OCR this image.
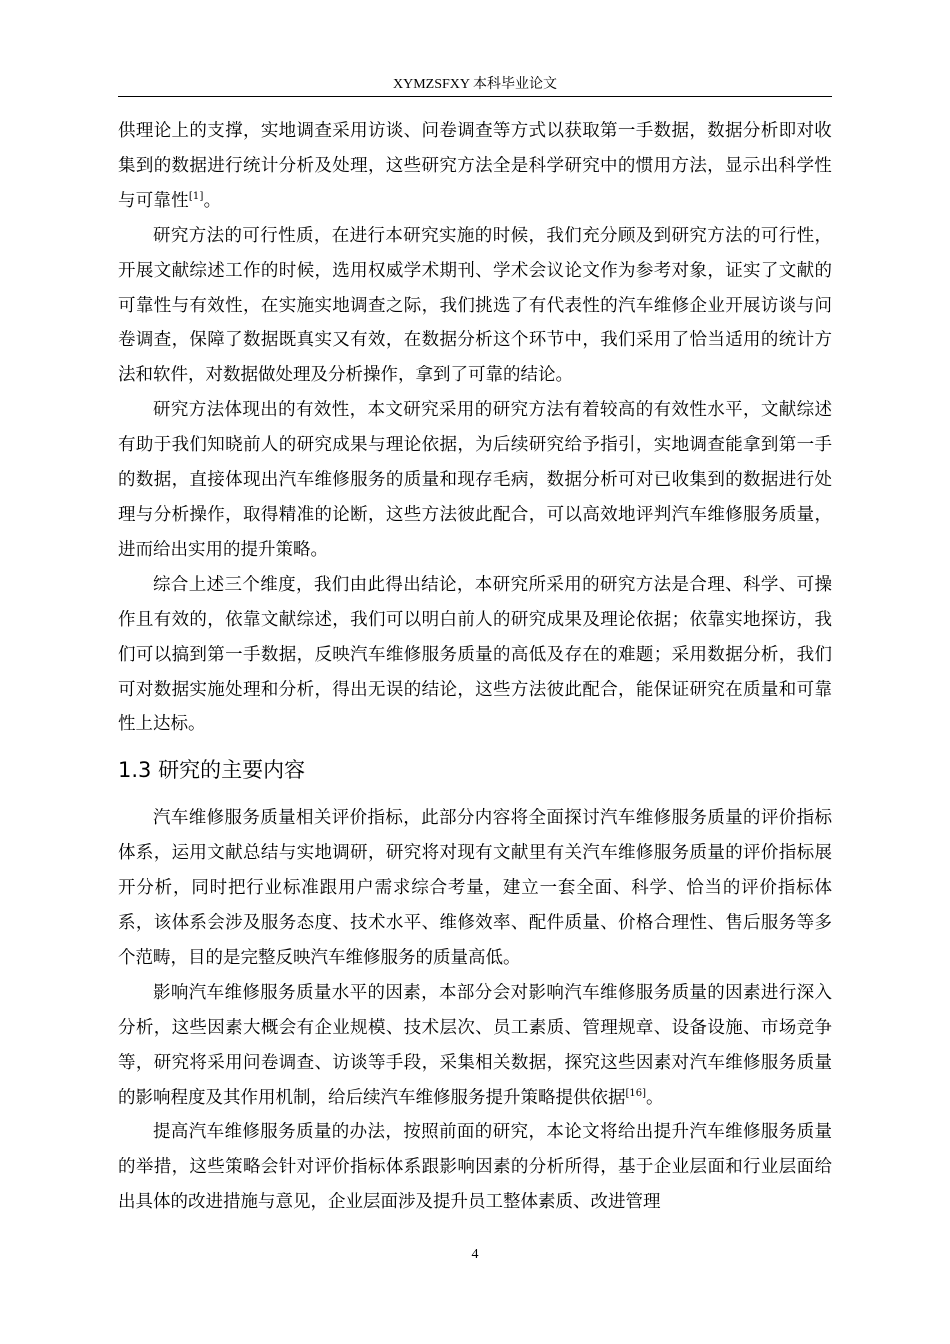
XYMZSFXY 本科毕业论文

供理论上的支撑，实地调查采用访谈、问卷调查等方式以获取第一手数据，数据分析即对收集到的数据进行统计分析及处理，这些研究方法全是科学研究中的惯用方法，显示出科学性与可靠性[1]。

研究方法的可行性质，在进行本研究实施的时候，我们充分顾及到研究方法的可行性，开展文献综述工作的时候，选用权威学术期刊、学术会议论文作为参考对象，证实了文献的可靠性与有效性，在实施实地调查之际，我们挑选了有代表性的汽车维修企业开展访谈与问卷调查，保障了数据既真实又有效，在数据分析这个环节中，我们采用了恰当适用的统计方法和软件，对数据做处理及分析操作，拿到了可靠的结论。

研究方法体现出的有效性，本文研究采用的研究方法有着较高的有效性水平，文献综述有助于我们知晓前人的研究成果与理论依据，为后续研究给予指引，实地调查能拿到第一手的数据，直接体现出汽车维修服务的质量和现存毛病，数据分析可对已收集到的数据进行处理与分析操作，取得精准的论断，这些方法彼此配合，可以高效地评判汽车维修服务质量，进而给出实用的提升策略。

综合上述三个维度，我们由此得出结论，本研究所采用的研究方法是合理、科学、可操作且有效的，依靠文献综述，我们可以明白前人的研究成果及理论依据；依靠实地探访，我们可以搞到第一手数据，反映汽车维修服务质量的高低及存在的难题；采用数据分析，我们可对数据实施处理和分析，得出无误的结论，这些方法彼此配合，能保证研究在质量和可靠性上达标。

1.3 研究的主要内容

汽车维修服务质量相关评价指标，此部分内容将全面探讨汽车维修服务质量的评价指标体系，运用文献总结与实地调研，研究将对现有文献里有关汽车维修服务质量的评价指标展开分析，同时把行业标准跟用户需求综合考量，建立一套全面、科学、恰当的评价指标体系，该体系会涉及服务态度、技术水平、维修效率、配件质量、价格合理性、售后服务等多个范畴，目的是完整反映汽车维修服务的质量高低。

影响汽车维修服务质量水平的因素，本部分会对影响汽车维修服务质量的因素进行深入分析，这些因素大概会有企业规模、技术层次、员工素质、管理规章、设备设施、市场竞争等，研究将采用问卷调查、访谈等手段，采集相关数据，探究这些因素对汽车维修服务质量的影响程度及其作用机制，给后续汽车维修服务提升策略提供依据[16]。

提高汽车维修服务质量的办法，按照前面的研究，本论文将给出提升汽车维修服务质量的举措，这些策略会针对评价指标体系跟影响因素的分析所得，基于企业层面和行业层面给出具体的改进措施与意见，企业层面涉及提升员工整体素质、改进管理

4
